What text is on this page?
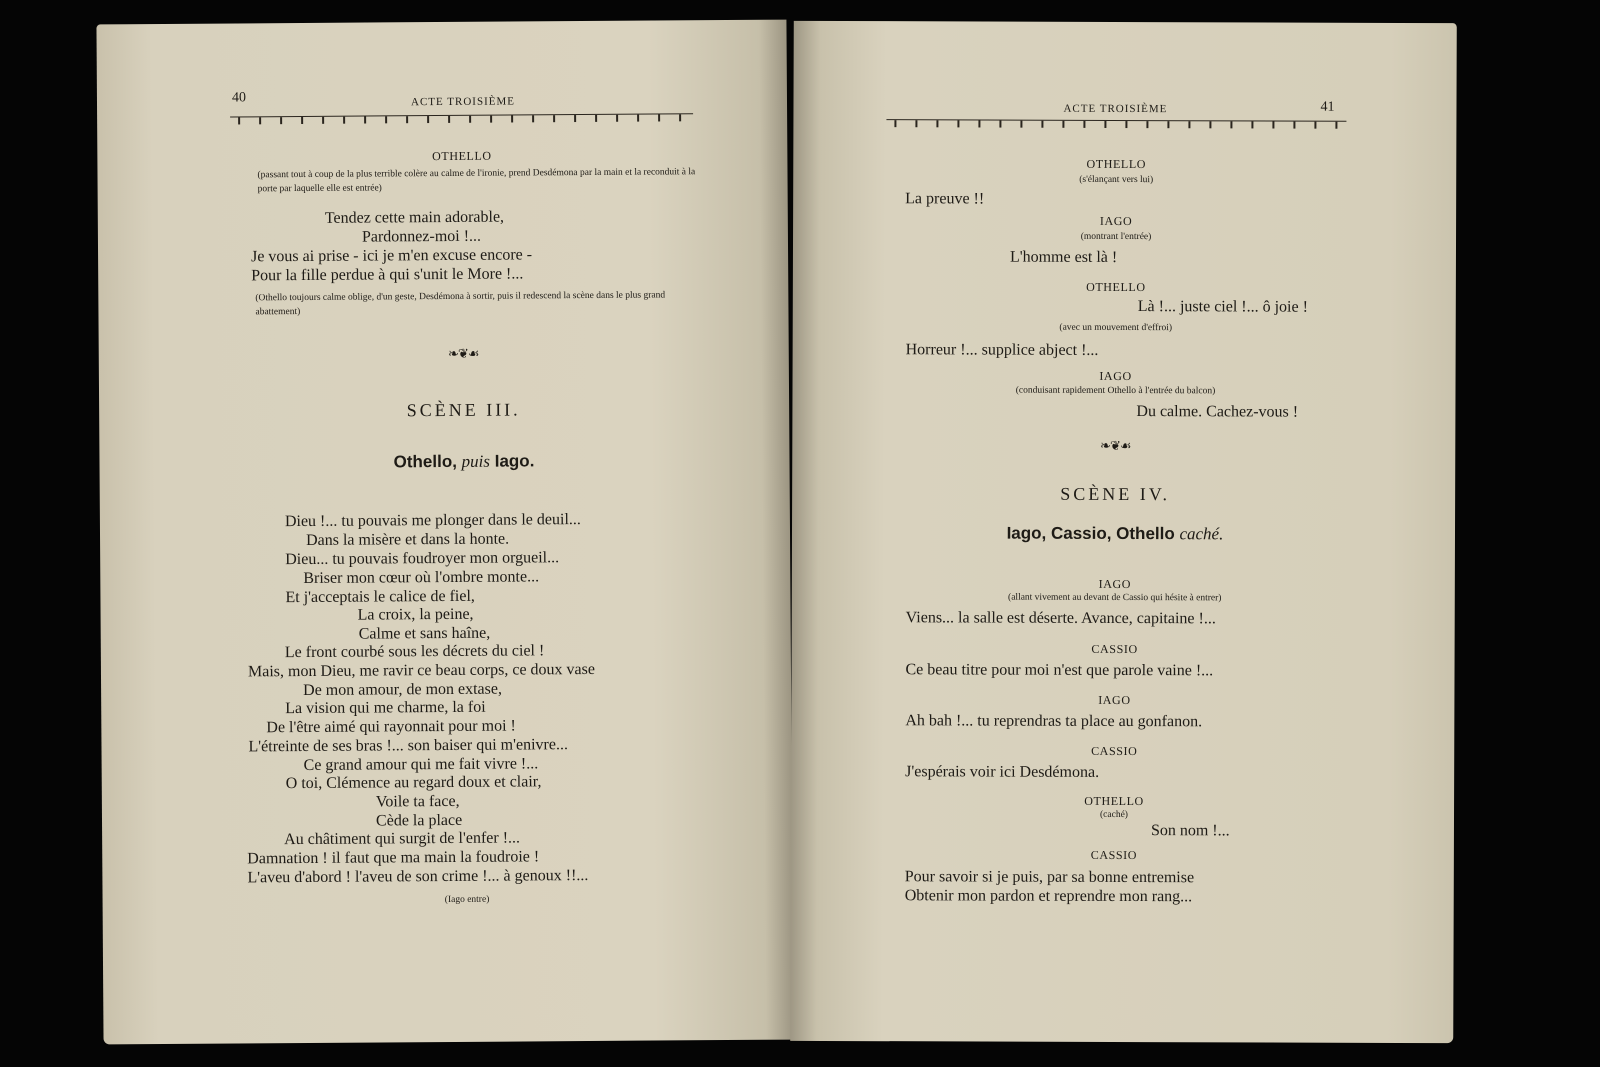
40	ACTE TROISIÈME
OTHELLO
(passant tout à coup de la plus terrible colère au calme de l'ironie, prend Desdémona par la main et la reconduit à la porte par laquelle elle est entrée)
Tendez cette main adorable,
Pardonnez-moi !...
Je vous ai prise - ici je m'en excuse encore -
Pour la fille perdue à qui s'unit le More !...
(Othello toujours calme oblige, d'un geste, Desdémona à sortir, puis il redescend la scène dans le plus grand abattement)
❧❦☙
SCÈNE III.
Othello, puis Iago.
Dieu !... tu pouvais me plonger dans le deuil...
Dans la misère et dans la honte.
Dieu... tu pouvais foudroyer mon orgueil...
Briser mon cœur où l'ombre monte...
Et j'acceptais le calice de fiel,
La croix, la peine,
Calme et sans haîne,
Le front courbé sous les décrets du ciel !
Mais, mon Dieu, me ravir ce beau corps, ce doux vase
De mon amour, de mon extase,
La vision qui me charme, la foi
De l'être aimé qui rayonnait pour moi !
L'étreinte de ses bras !... son baiser qui m'enivre...
Ce grand amour qui me fait vivre !...
O toi, Clémence au regard doux et clair,
Voile ta face,
Cède la place
Au châtiment qui surgit de l'enfer !...
Damnation ! il faut que ma main la foudroie !
L'aveu d'abord ! l'aveu de son crime !... à genoux !!...
(Iago entre)
ACTE TROISIÈME	41
OTHELLO
(s'élançant vers lui)
La preuve !!
IAGO
(montrant l'entrée)
L'homme est là !
OTHELLO
Là !... juste ciel !... ô joie !
(avec un mouvement d'effroi)
Horreur !... supplice abject !...
IAGO
(conduisant rapidement Othello à l'entrée du balcon)
Du calme. Cachez-vous !
❧❦☙
SCÈNE IV.
Iago, Cassio, Othello caché.
IAGO
(allant vivement au devant de Cassio qui hésite à entrer)
Viens... la salle est déserte. Avance, capitaine !...
CASSIO
Ce beau titre pour moi n'est que parole vaine !...
IAGO
Ah bah !... tu reprendras ta place au gonfanon.
CASSIO
J'espérais voir ici Desdémona.
OTHELLO
(caché)
Son nom !...
CASSIO
Pour savoir si je puis, par sa bonne entremise
Obtenir mon pardon et reprendre mon rang...
